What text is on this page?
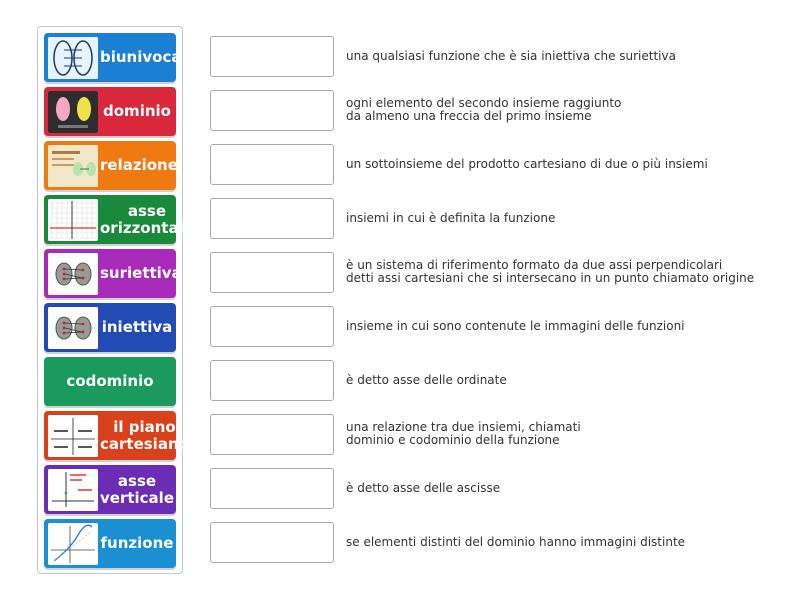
biunivoca
dominio
relazione
asse
orizzontale
suriettiva
iniettiva
codominio
il piano
cartesiano
asse
verticale
funzione
una qualsiasi funzione che è sia iniettiva che suriettiva
ogni elemento del secondo insieme raggiunto
da almeno una freccia del primo insieme
un sottoinsieme del prodotto cartesiano di due o più insiemi
insiemi in cui è definita la funzione
è un sistema di riferimento formato da due assi perpendicolari
detti assi cartesiani che si intersecano in un punto chiamato origine
insieme in cui sono contenute le immagini delle funzioni
è detto asse delle ordinate
una relazione tra due insiemi, chiamati
dominio e codominio della funzione
è detto asse delle ascisse
se elementi distinti del dominio hanno immagini distinte
